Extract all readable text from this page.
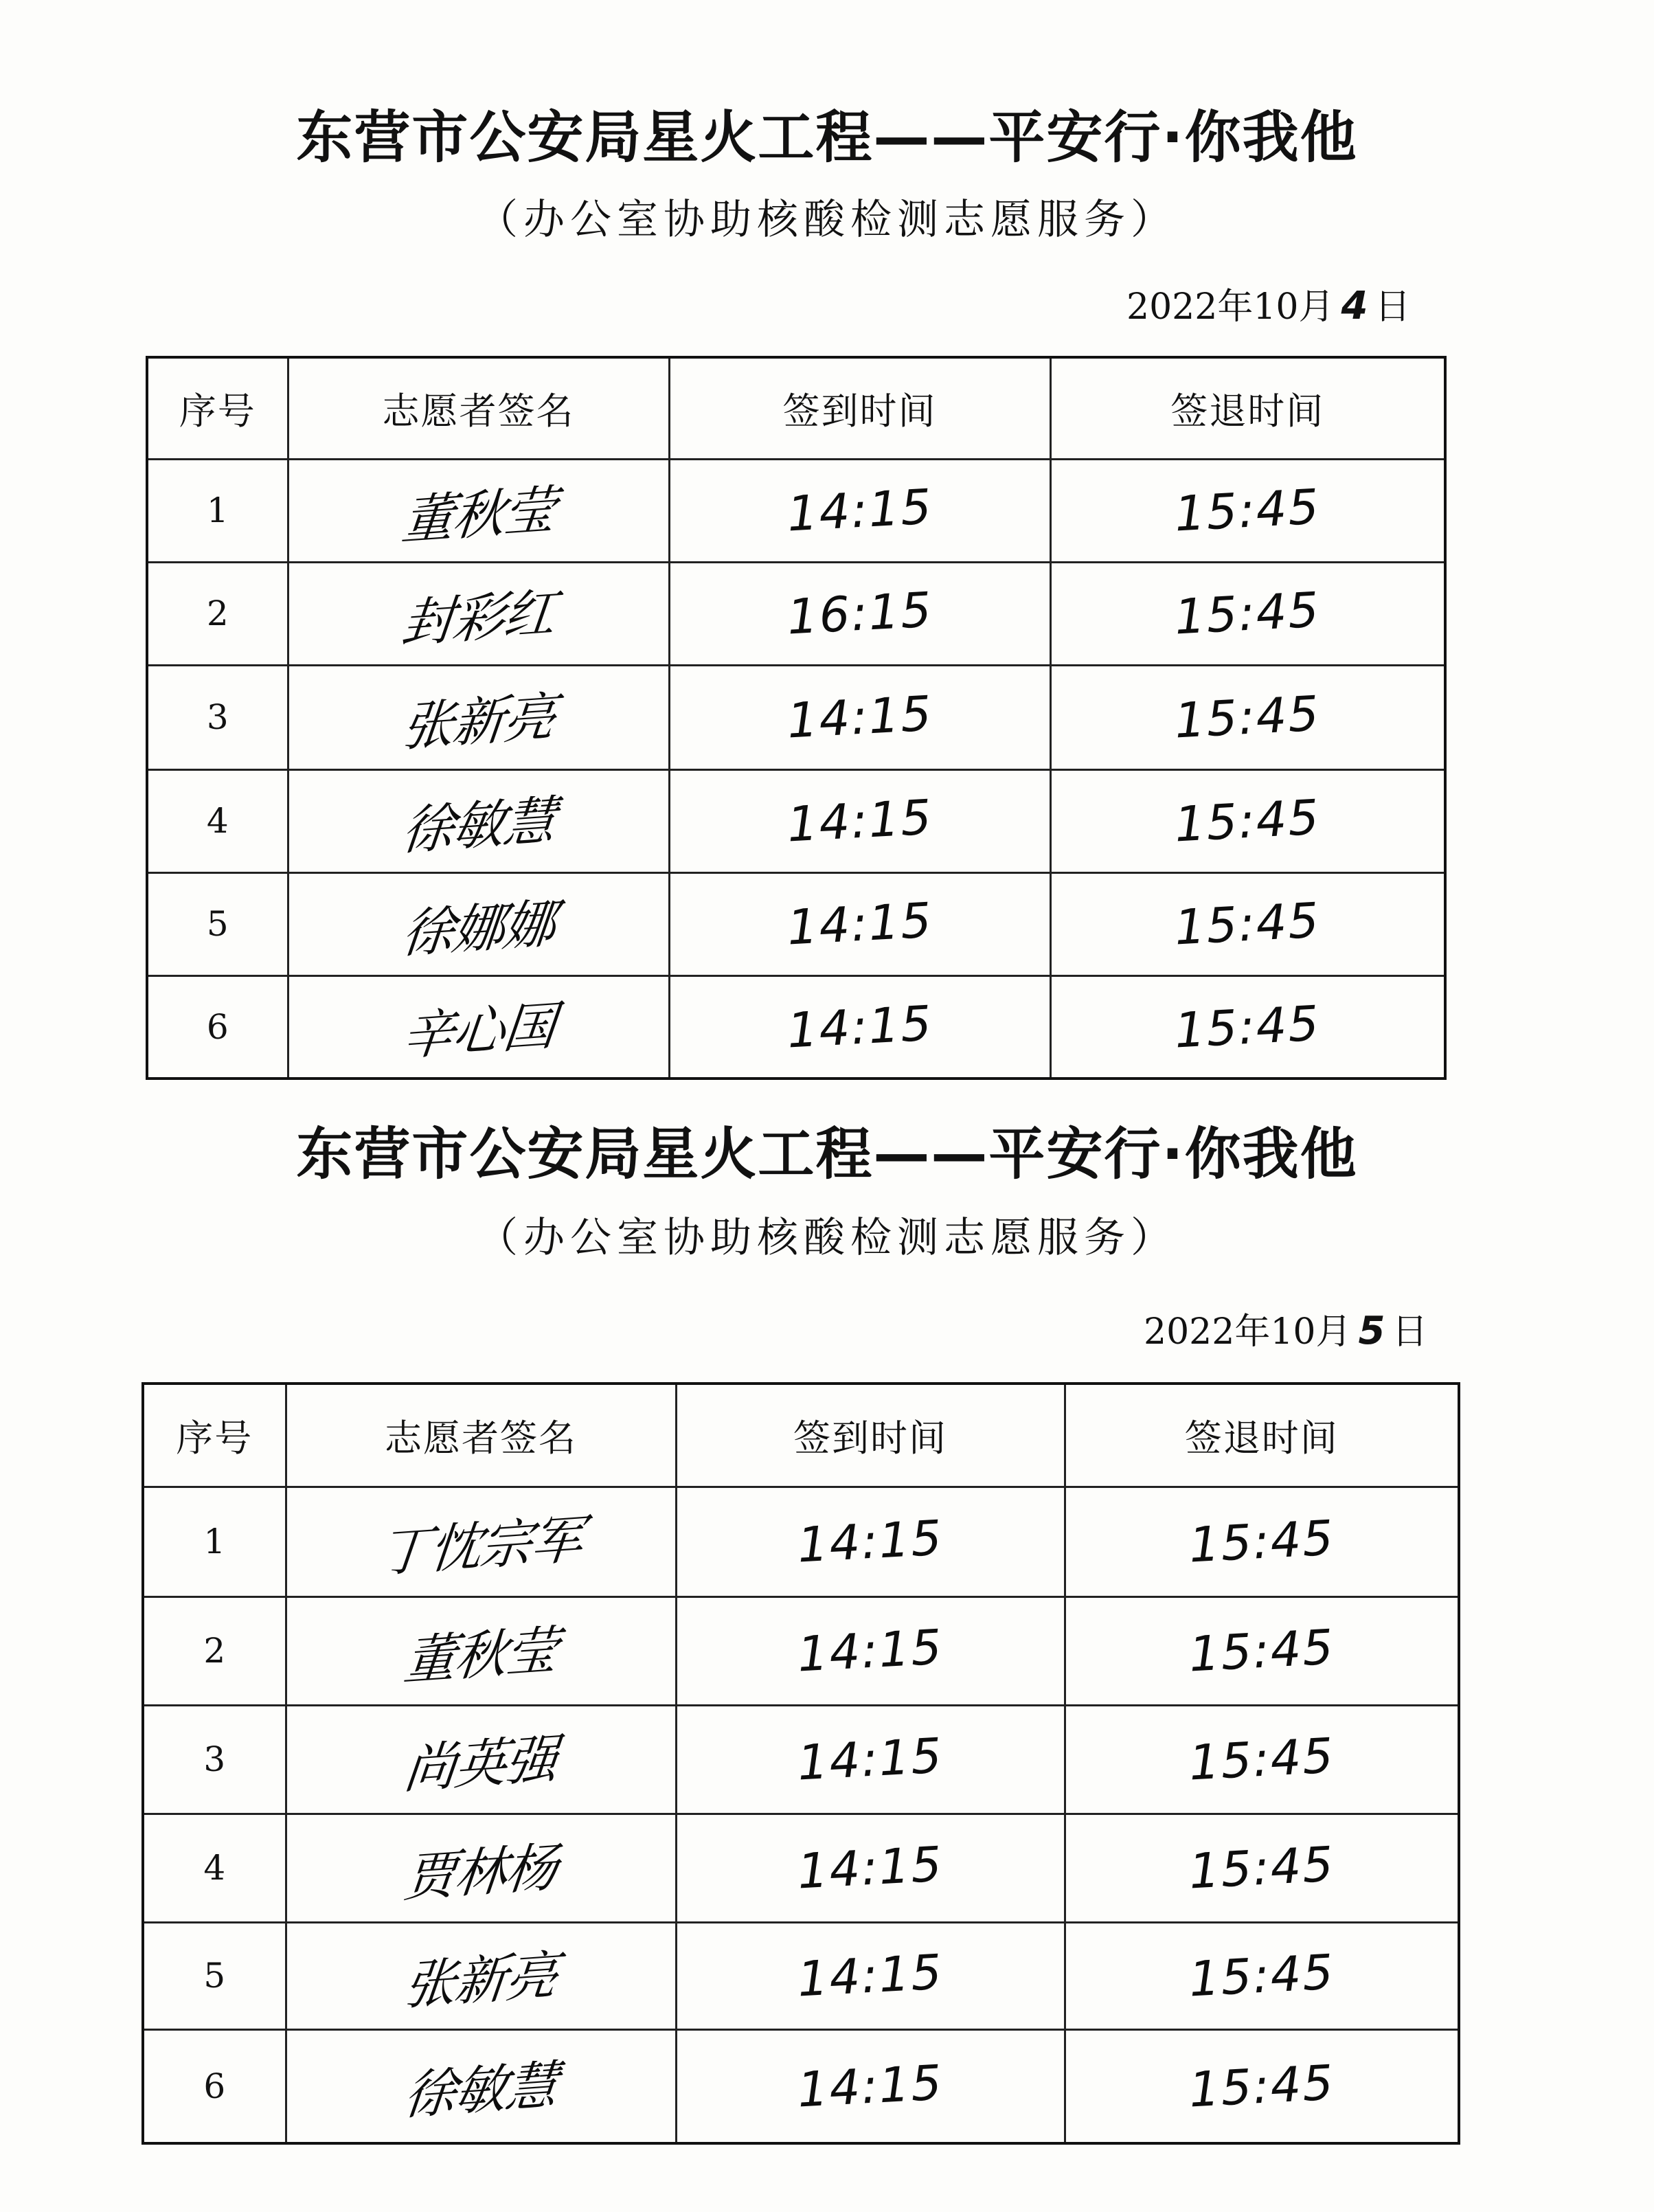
东营市公安局星火工程——平安行·你我他
（办公室协助核酸检测志愿服务）
2022年10月 4 日
序号	志愿者签名	签到时间	签退时间
1	董秋莹	14:15	15:45
2	封彩红	16:15	15:45
3	张新亮	14:15	15:45
4	徐敏慧	14:15	15:45
5	徐娜娜	14:15	15:45
6	辛心国	14:15	15:45
东营市公安局星火工程——平安行·你我他
（办公室协助核酸检测志愿服务）
2022年10月 5 日
序号	志愿者签名	签到时间	签退时间
1	丁忱宗军	14:15	15:45
2	董秋莹	14:15	15:45
3	尚英强	14:15	15:45
4	贾林杨	14:15	15:45
5	张新亮	14:15	15:45
6	徐敏慧	14:15	15:45
